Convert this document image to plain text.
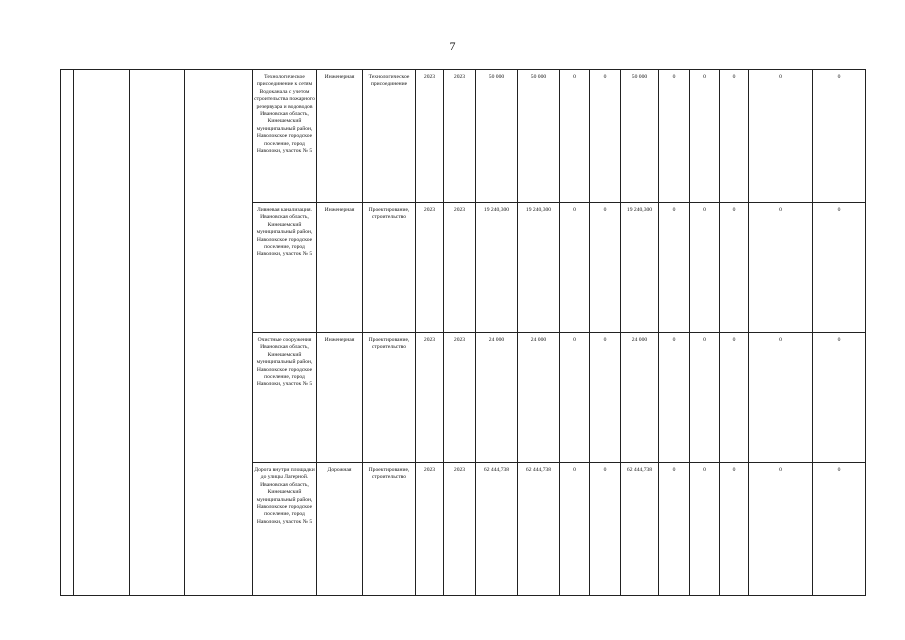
7
				Технологическое присоединение к сетям Водоканала с учетом строительства пожарного резервуара и водоводов Ивановская область, Кинешемский муниципальный район, Наволокское городское поселение, город Наволоки, участок № 5	Инженерная	Технологическое присоединение	2023	2023	50 000	50 000	0	0	50 000	0	0	0	0	0
				Ливневая канализация. Ивановская область, Кинешемский муниципальный район, Наволокское городское поселение, город Наволоки, участок № 5	Инженерная	Проектирование, строительство	2023	2023	19 240,300	19 240,300	0	0	19 240,300	0	0	0	0	0
				Очистные сооружения Ивановская область, Кинешемский муниципальный район, Наволокское городское поселение, город Наволоки, участок № 5	Инженерная	Проектирование, строительство	2023	2023	24 000	24 000	0	0	24 000	0	0	0	0	0
				Дорога внутри площадки до улицы Лагерной. Ивановская область, Кинешемский муниципальный район, Наволокское городское поселение, город Наволоки, участок № 5	Дорожная	Проектирование, строительство	2023	2023	62 444,738	62 444,738	0	0	62 444,738	0	0	0	0	0
